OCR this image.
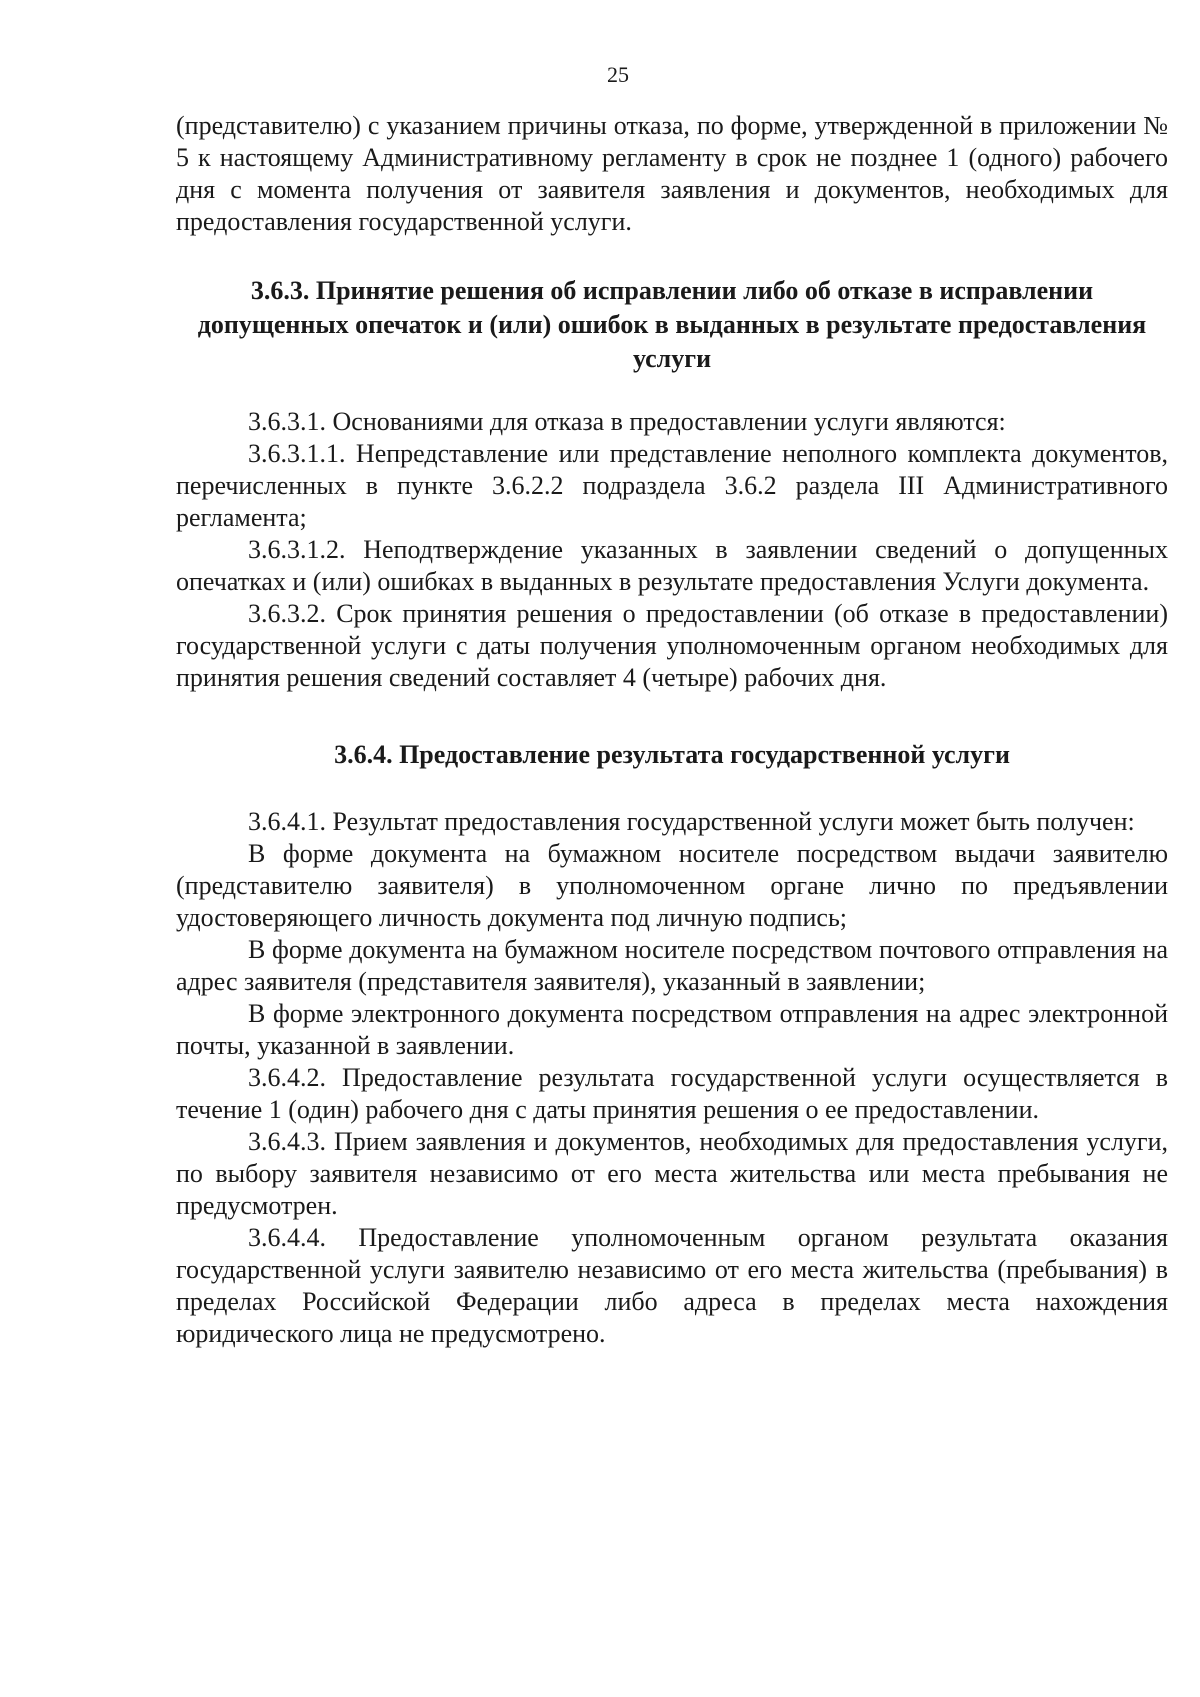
25

(представителю) с указанием причины отказа, по форме, утвержденной в приложении № 5 к настоящему Административному регламенту в срок не позднее 1 (одного) рабочего дня с момента получения от заявителя заявления и документов, необходимых для предоставления государственной услуги.

3.6.3. Принятие решения об исправлении либо об отказе в исправлении допущенных опечаток и (или) ошибок в выданных в результате предоставления услуги

3.6.3.1. Основаниями для отказа в предоставлении услуги являются:

3.6.3.1.1. Непредставление или представление неполного комплекта документов, перечисленных в пункте 3.6.2.2 подраздела 3.6.2 раздела III Административного регламента;

3.6.3.1.2. Неподтверждение указанных в заявлении сведений о допущенных опечатках и (или) ошибках в выданных в результате предоставления Услуги документа.

3.6.3.2. Срок принятия решения о предоставлении (об отказе в предоставлении) государственной услуги с даты получения уполномоченным органом необходимых для принятия решения сведений составляет 4 (четыре) рабочих дня.

3.6.4. Предоставление результата государственной услуги

3.6.4.1. Результат предоставления государственной услуги может быть получен:

В форме документа на бумажном носителе посредством выдачи заявителю (представителю заявителя) в уполномоченном органе лично по предъявлении удостоверяющего личность документа под личную подпись;

В форме документа на бумажном носителе посредством почтового отправления на адрес заявителя (представителя заявителя), указанный в заявлении;

В форме электронного документа посредством отправления на адрес электронной почты, указанной в заявлении.

3.6.4.2. Предоставление результата государственной услуги осуществляется в течение 1 (один) рабочего дня с даты принятия решения о ее предоставлении.

3.6.4.3. Прием заявления и документов, необходимых для предоставления услуги, по выбору заявителя независимо от его места жительства или места пребывания не предусмотрен.

3.6.4.4. Предоставление уполномоченным органом результата оказания государственной услуги заявителю независимо от его места жительства (пребывания) в пределах Российской Федерации либо адреса в пределах места нахождения юридического лица не предусмотрено.
